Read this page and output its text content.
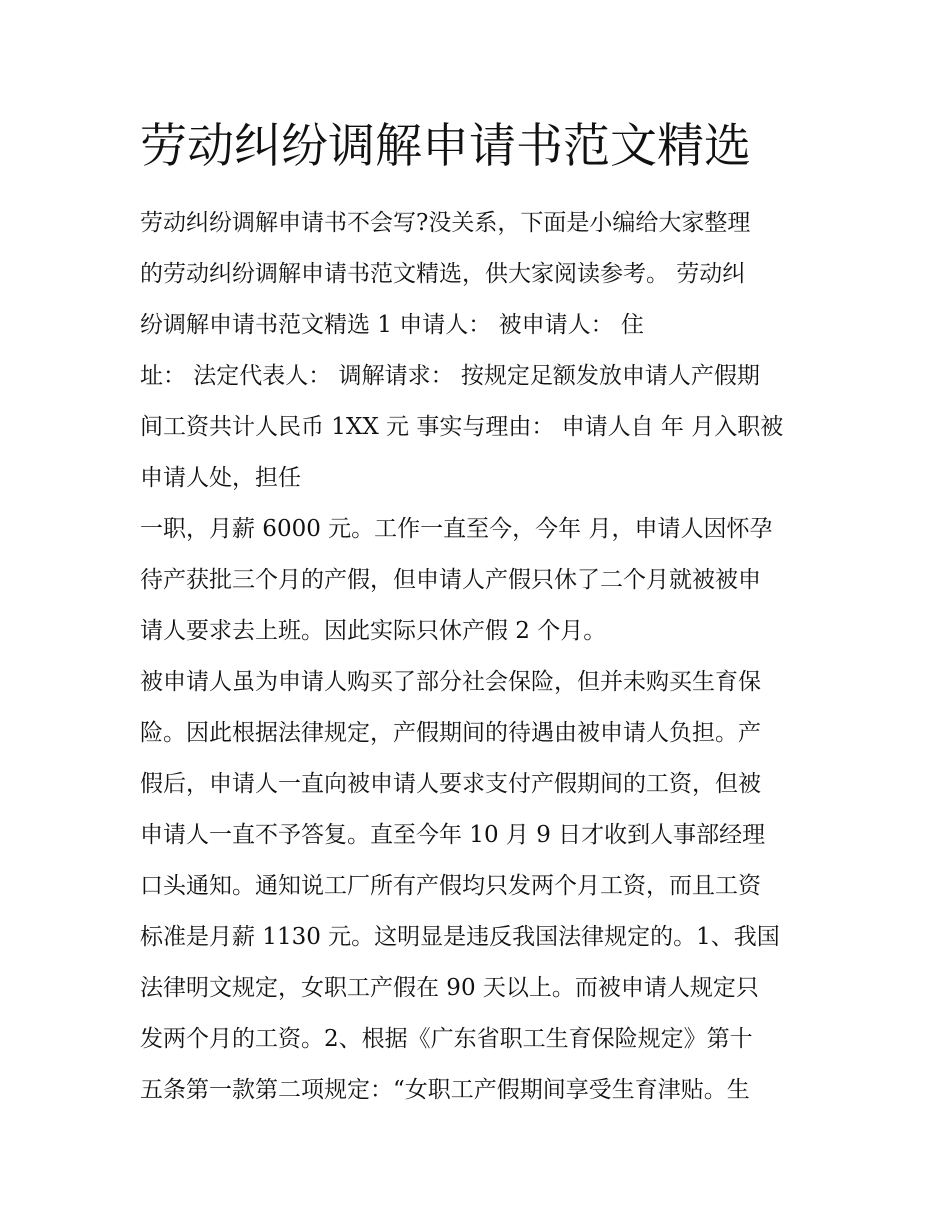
劳动纠纷调解申请书范文精选
劳动纠纷调解申请书不会写?没关系，下面是小编给大家整理
的劳动纠纷调解申请书范文精选，供大家阅读参考。 劳动纠
纷调解申请书范文精选 1 申请人： 被申请人： 住
址： 法定代表人： 调解请求： 按规定足额发放申请人产假期
间工资共计人民币 1XX 元 事实与理由： 申请人自 年 月入职被
申请人处，担任
一职，月薪 6000 元。工作一直至今，今年 月，申请人因怀孕
待产获批三个月的产假，但申请人产假只休了二个月就被被申
请人要求去上班。因此实际只休产假 2 个月。
被申请人虽为申请人购买了部分社会保险，但并未购买生育保
险。因此根据法律规定，产假期间的待遇由被申请人负担。产
假后，申请人一直向被申请人要求支付产假期间的工资，但被
申请人一直不予答复。直至今年 10 月 9 日才收到人事部经理
口头通知。通知说工厂所有产假均只发两个月工资，而且工资
标准是月薪 1130 元。这明显是违反我国法律规定的。1、我国
法律明文规定，女职工产假在 90 天以上。而被申请人规定只
发两个月的工资。2、根据《广东省职工生育保险规定》第十
五条第一款第二项规定：“女职工产假期间享受生育津贴。生
